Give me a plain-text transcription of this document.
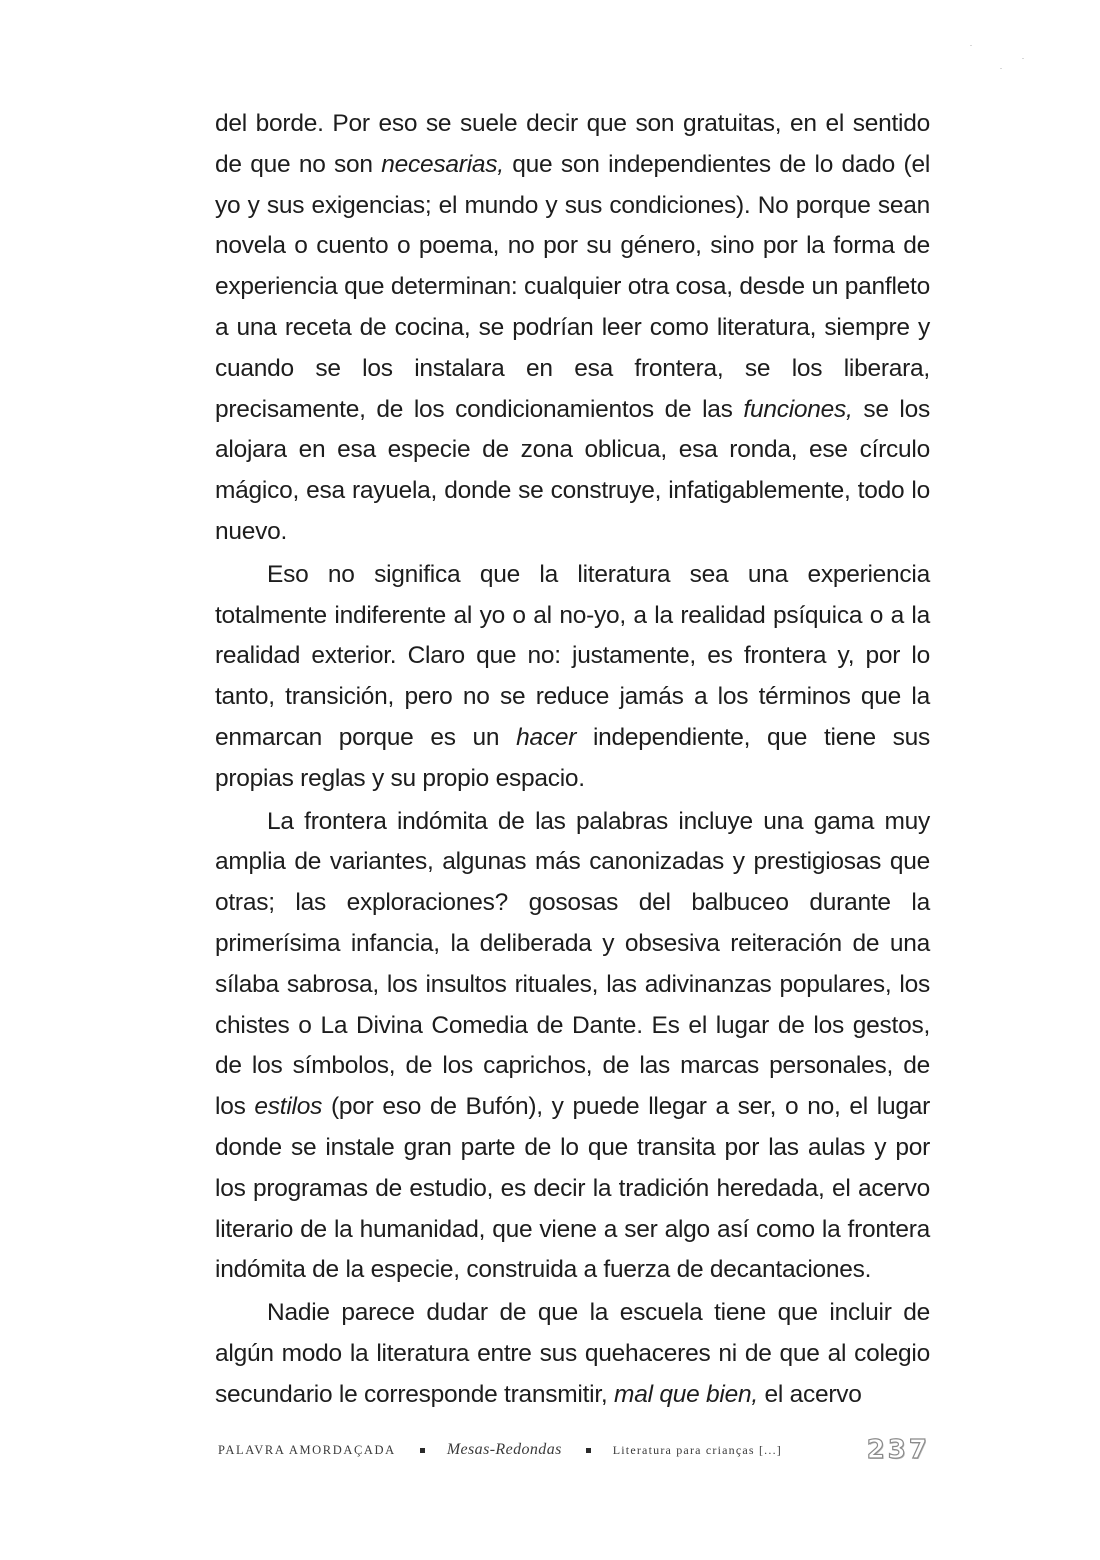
del borde. Por eso se suele decir que son gratuitas, en el sentido de que no son necesarias, que son independientes de lo dado (el yo y sus exigencias; el mundo y sus condiciones). No porque sean novela o cuento o poema, no por su género, sino por la forma de experiencia que determinan: cualquier otra cosa, desde un panfleto a una receta de cocina, se podrían leer como literatura, siempre y cuando se los instalara en esa frontera, se los liberara, precisamente, de los condicionamientos de las funciones, se los alojara en esa especie de zona oblicua, esa ronda, ese círculo mágico, esa rayuela, donde se construye, infatigablemente, todo lo nuevo.

Eso no significa que la literatura sea una experiencia totalmente indiferente al yo o al no-yo, a la realidad psíquica o a la realidad exterior. Claro que no: justamente, es frontera y, por lo tanto, transición, pero no se reduce jamás a los términos que la enmarcan porque es un hacer independiente, que tiene sus propias reglas y su propio espacio.

La frontera indómita de las palabras incluye una gama muy amplia de variantes, algunas más canonizadas y prestigiosas que otras; las exploraciones? gososas del balbuceo durante la primerísima infancia, la deliberada y obsesiva reiteración de una sílaba sabrosa, los insultos rituales, las adivinanzas populares, los chistes o La Divina Comedia de Dante. Es el lugar de los gestos, de los símbolos, de los caprichos, de las marcas personales, de los estilos (por eso de Bufón), y puede llegar a ser, o no, el lugar donde se instale gran parte de lo que transita por las aulas y por los programas de estudio, es decir la tradición heredada, el acervo literario de la humanidad, que viene a ser algo así como la frontera indómita de la especie, construida a fuerza de decantaciones.

Nadie parece dudar de que la escuela tiene que incluir de algún modo la literatura entre sus quehaceres ni de que al colegio secundario le corresponde transmitir, mal que bien, el acervo

PALAVRA AMORDAÇADA	Mesas-Redondas	Literatura para crianças [...]	237
